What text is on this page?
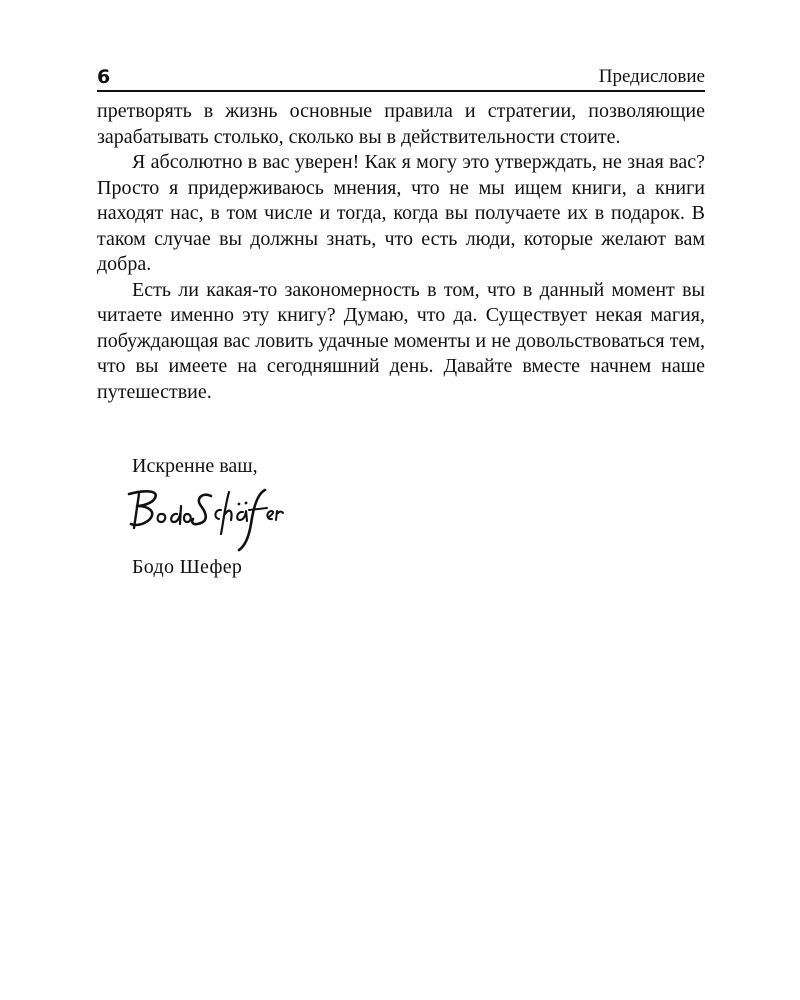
6	Предисловие

претворять в жизнь основные правила и стратегии, позволяющие зарабатывать столько, сколько вы в действительности стоите.

Я абсолютно в вас уверен! Как я могу это утверждать, не зная вас? Просто я придерживаюсь мнения, что не мы ищем книги, а книги находят нас, в том числе и тогда, когда вы получаете их в подарок. В таком случае вы должны знать, что есть люди, которые желают вам добра.

Есть ли какая-то закономерность в том, что в данный момент вы читаете именно эту книгу? Думаю, что да. Существует некая магия, побуждающая вас ловить удачные моменты и не довольствоваться тем, что вы имеете на сегодняшний день. Давайте вместе начнем наше путешествие.

Искренне ваш,
Бодо Шефер
